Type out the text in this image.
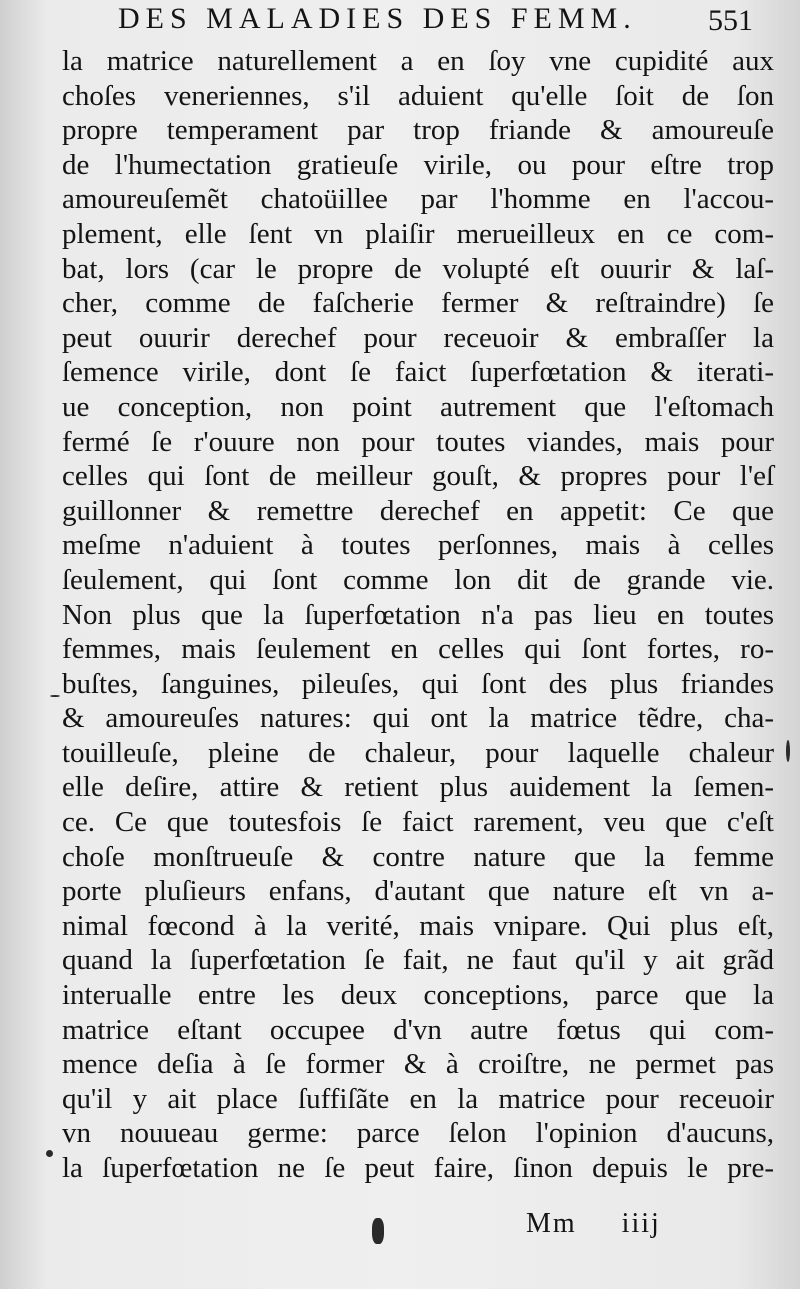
DES MALADIES DES FEMM. 551
la matrice naturellement a en ſoy vne cupidité aux
choſes veneriennes, s'il aduient qu'elle ſoit de ſon
propre temperament par trop friande & amoureuſe
de l'humectation gratieuſe virile, ou pour eſtre trop
amoureuſemẽt chatoüillee par l'homme en l'accou-
plement, elle ſent vn plaiſir merueilleux en ce com-
bat, lors (car le propre de volupté eſt ouurir & laſ-
cher, comme de faſcherie fermer & reſtraindre) ſe
peut ouurir derechef pour receuoir & embraſſer la
ſemence virile, dont ſe faict ſuperfœtation & iterati-
ue conception, non point autrement que l'eſtomach
fermé ſe r'ouure non pour toutes viandes, mais pour
celles qui ſont de meilleur gouſt, & propres pour l'eſ
guillonner & remettre derechef en appetit: Ce que
meſme n'aduient à toutes perſonnes, mais à celles
ſeulement, qui ſont comme lon dit de grande vie.
Non plus que la ſuperfœtation n'a pas lieu en toutes
femmes, mais ſeulement en celles qui ſont fortes, ro-
buſtes, ſanguines, pileuſes, qui ſont des plus friandes
& amoureuſes natures: qui ont la matrice tẽdre, cha-
touilleuſe, pleine de chaleur, pour laquelle chaleur
elle deſire, attire & retient plus auidement la ſemen-
ce. Ce que toutesfois ſe faict rarement, veu que c'eſt
choſe monſtrueuſe & contre nature que la femme
porte pluſieurs enfans, d'autant que nature eſt vn a-
nimal fœcond à la verité, mais vnipare. Qui plus eſt,
quand la ſuperfœtation ſe fait, ne faut qu'il y ait grãd
interualle entre les deux conceptions, parce que la
matrice eſtant occupee d'vn autre fœtus qui com-
mence deſia à ſe former & à croiſtre, ne permet pas
qu'il y ait place ſuffiſãte en la matrice pour receuoir
vn nouueau germe: parce ſelon l'opinion d'aucuns,
la ſuperfœtation ne ſe peut faire, ſinon depuis le pre-
Mm iiij
